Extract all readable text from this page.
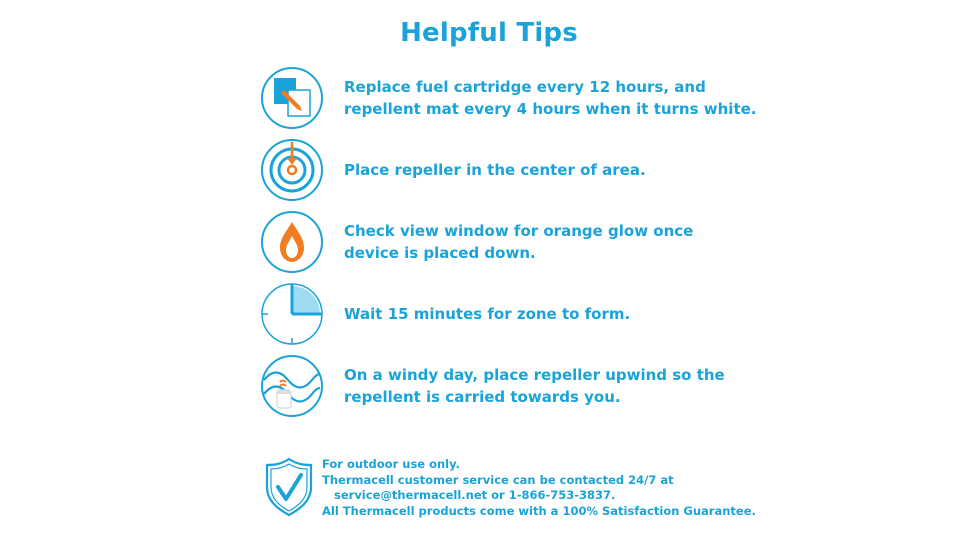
Helpful Tips
Replace fuel cartridge every 12 hours, and
repellent mat every 4 hours when it turns white.
Place repeller in the center of area.
Check view window for orange glow once
device is placed down.
Wait 15 minutes for zone to form.
On a windy day, place repeller upwind so the
repellent is carried towards you.
For outdoor use only.
Thermacell customer service can be contacted 24/7 at
service@thermacell.net or 1-866-753-3837.
All Thermacell products come with a 100% Satisfaction Guarantee.
